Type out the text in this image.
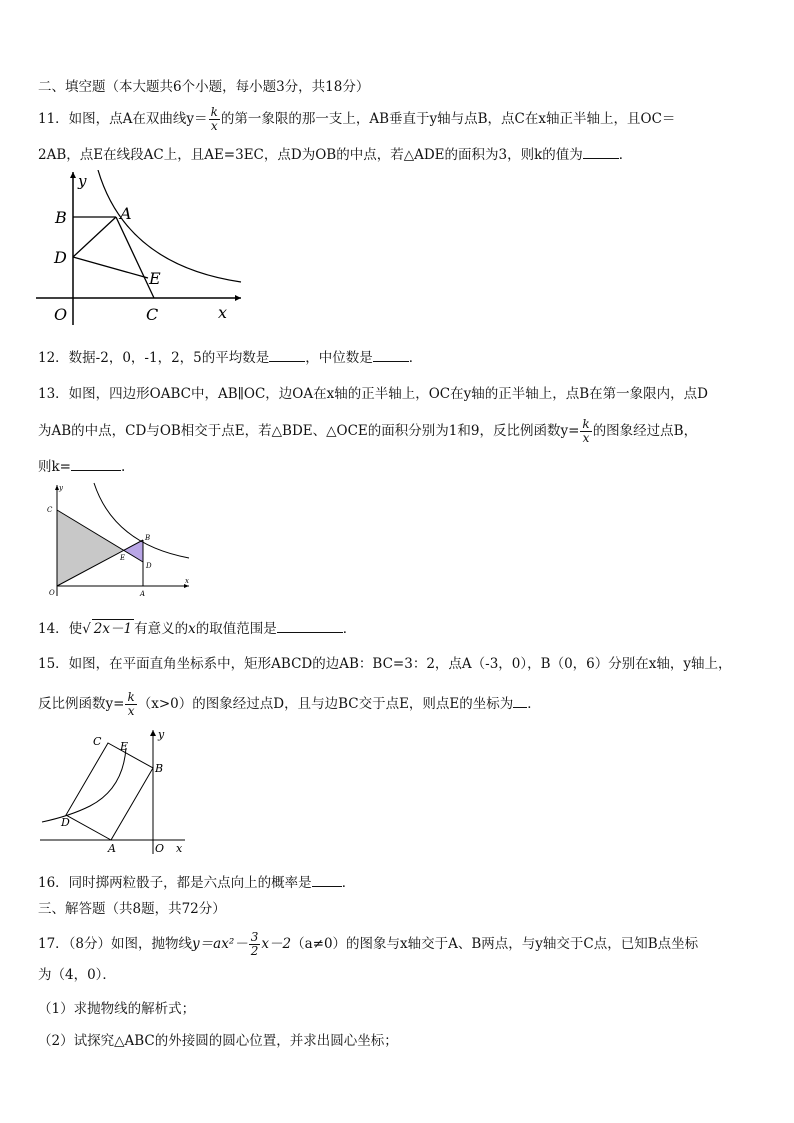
二、填空题（本大题共6个小题，每小题3分，共18分）
11．如图，点A在双曲线$y= \frac{k}{x}$ 的第一象限的那一支上，AB垂直于y轴与点B，点C在x轴正半轴上，且OC＝
2AB，点E在线段AC上，且AE=3EC，点D为OB的中点，若△ADE的面积为3，则k的值为	．
y
B	A
D
E
O	C	x
12．数据-2，0，-1，2，5的平均数是	，中位数是	．
13．如图，四边形OABC中，AB∥OC，边OA在x轴的正半轴上，OC在y轴的正半轴上，点B在第一象限内，点D
为AB的中点，CD与OB相交于点E，若△BDE、△OCE的面积分别为1和9，反比例函数$y= \frac{k}{x}$ 的图象经过点B，
则k=	.
y
C
B
E
D
O	A
x
14．使√ 2x－1 有意义的x的取值范围是	．
15．如图，在平面直角坐标系中，矩形ABCD的边AB：BC=3：2，点A（-3，0），B（0，6）分别在x轴，y轴上，
反比例函数$y= \frac{k}{x} (x>0)$的图象经过点D，且与边BC交于点E，则点E的坐标为 ．
C E
y
B
D
A	O x
16．同时掷两粒骰子，都是六点向上的概率是 ．
三、解答题（共8题，共72分）
17．（8分）如图，抛物线$y=ax^2- \frac{3}{2} x-2(a\ne 0)$的图象与x轴交于A、B两点，与y轴交于C点，已知B点坐标
为（4，0）．
（1）求抛物线的解析式；
（2）试探究△ABC的外接圆的圆心位置，并求出圆心坐标；
